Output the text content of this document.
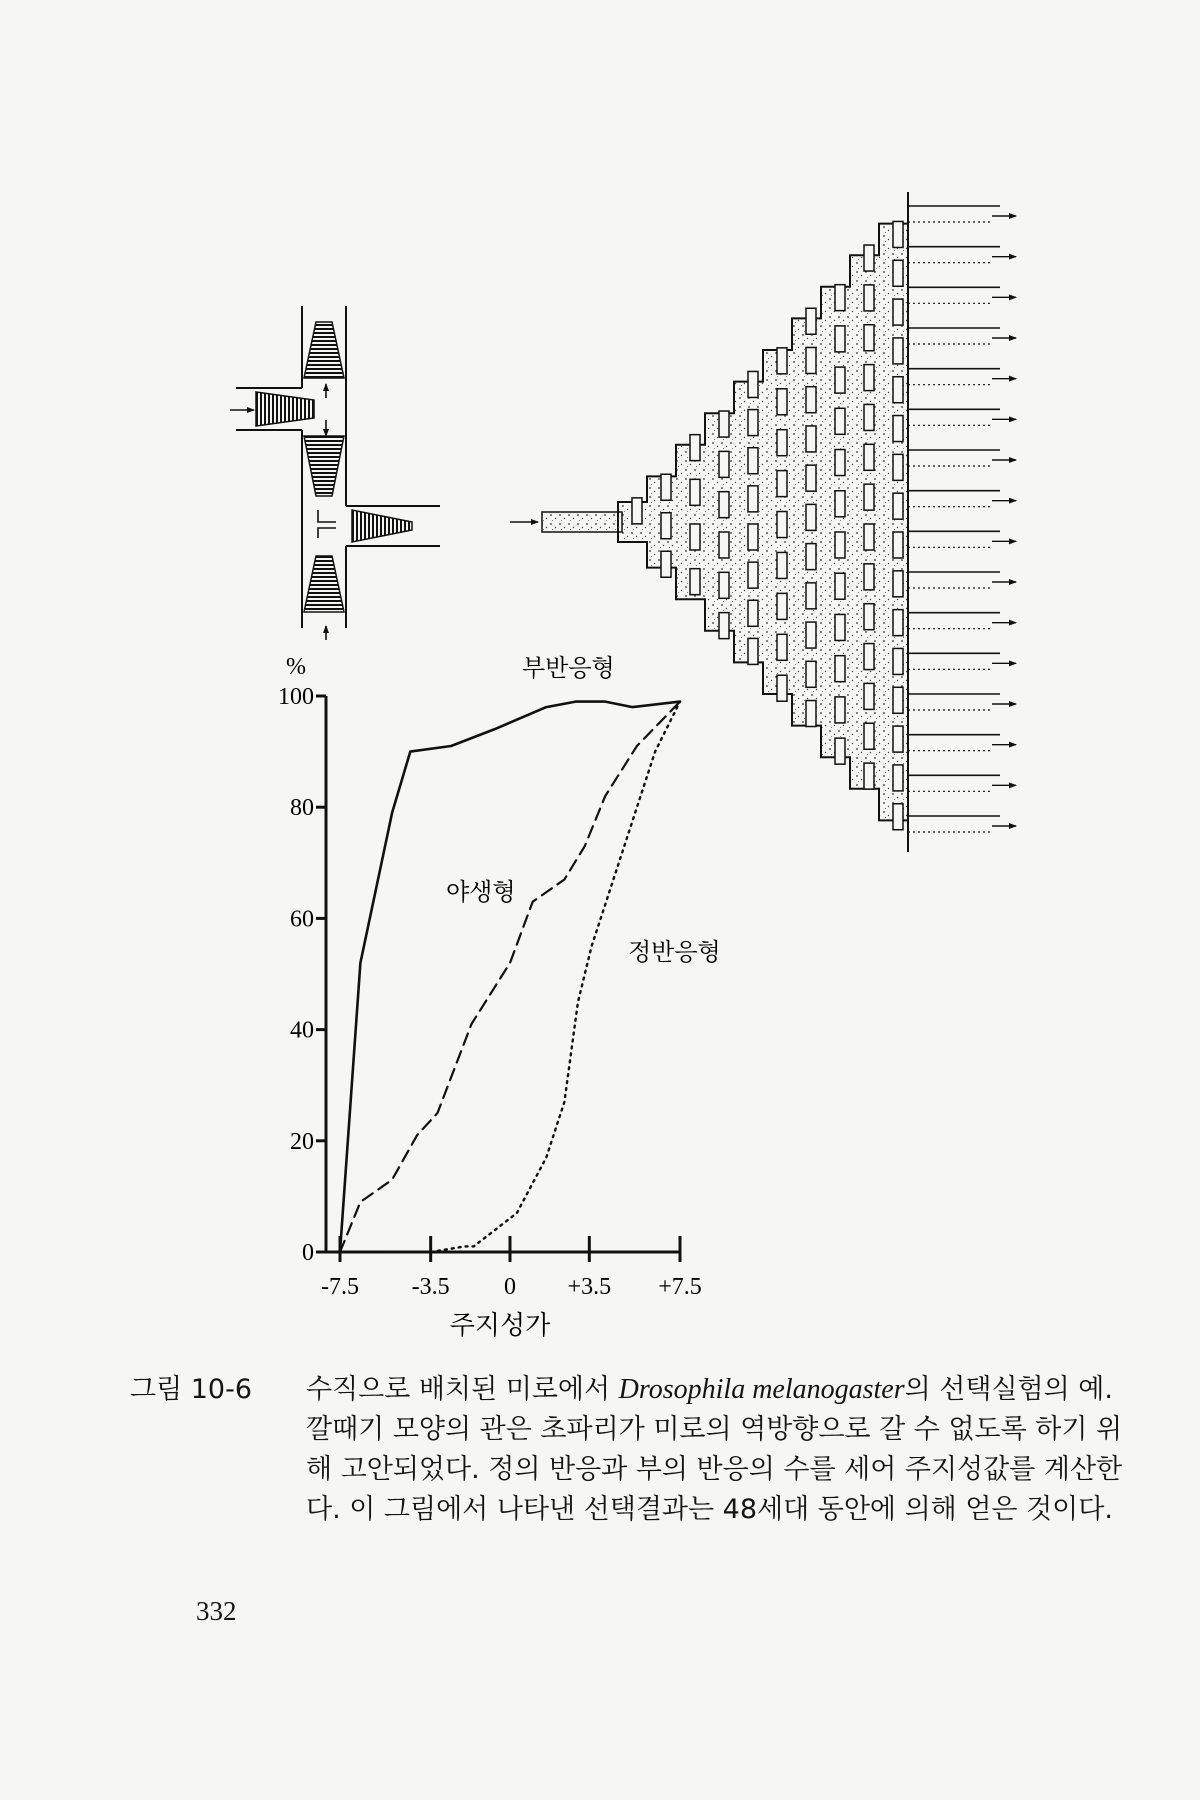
%
0
20
40
60
80
100
-7.5 -3.5 0 +3.5 +7.5
주지성가
부반응형
야생형
정반응형
그림 10-6 수직으로 배치된 미로에서 Drosophila melanogaster의 선택실험의 예.
깔때기 모양의 관은 초파리가 미로의 역방향으로 갈 수 없도록 하기 위
해 고안되었다. 정의 반응과 부의 반응의 수를 세어 주지성값를 계산한
다. 이 그림에서 나타낸 선택결과는 48세대 동안에 의해 얻은 것이다.
332
